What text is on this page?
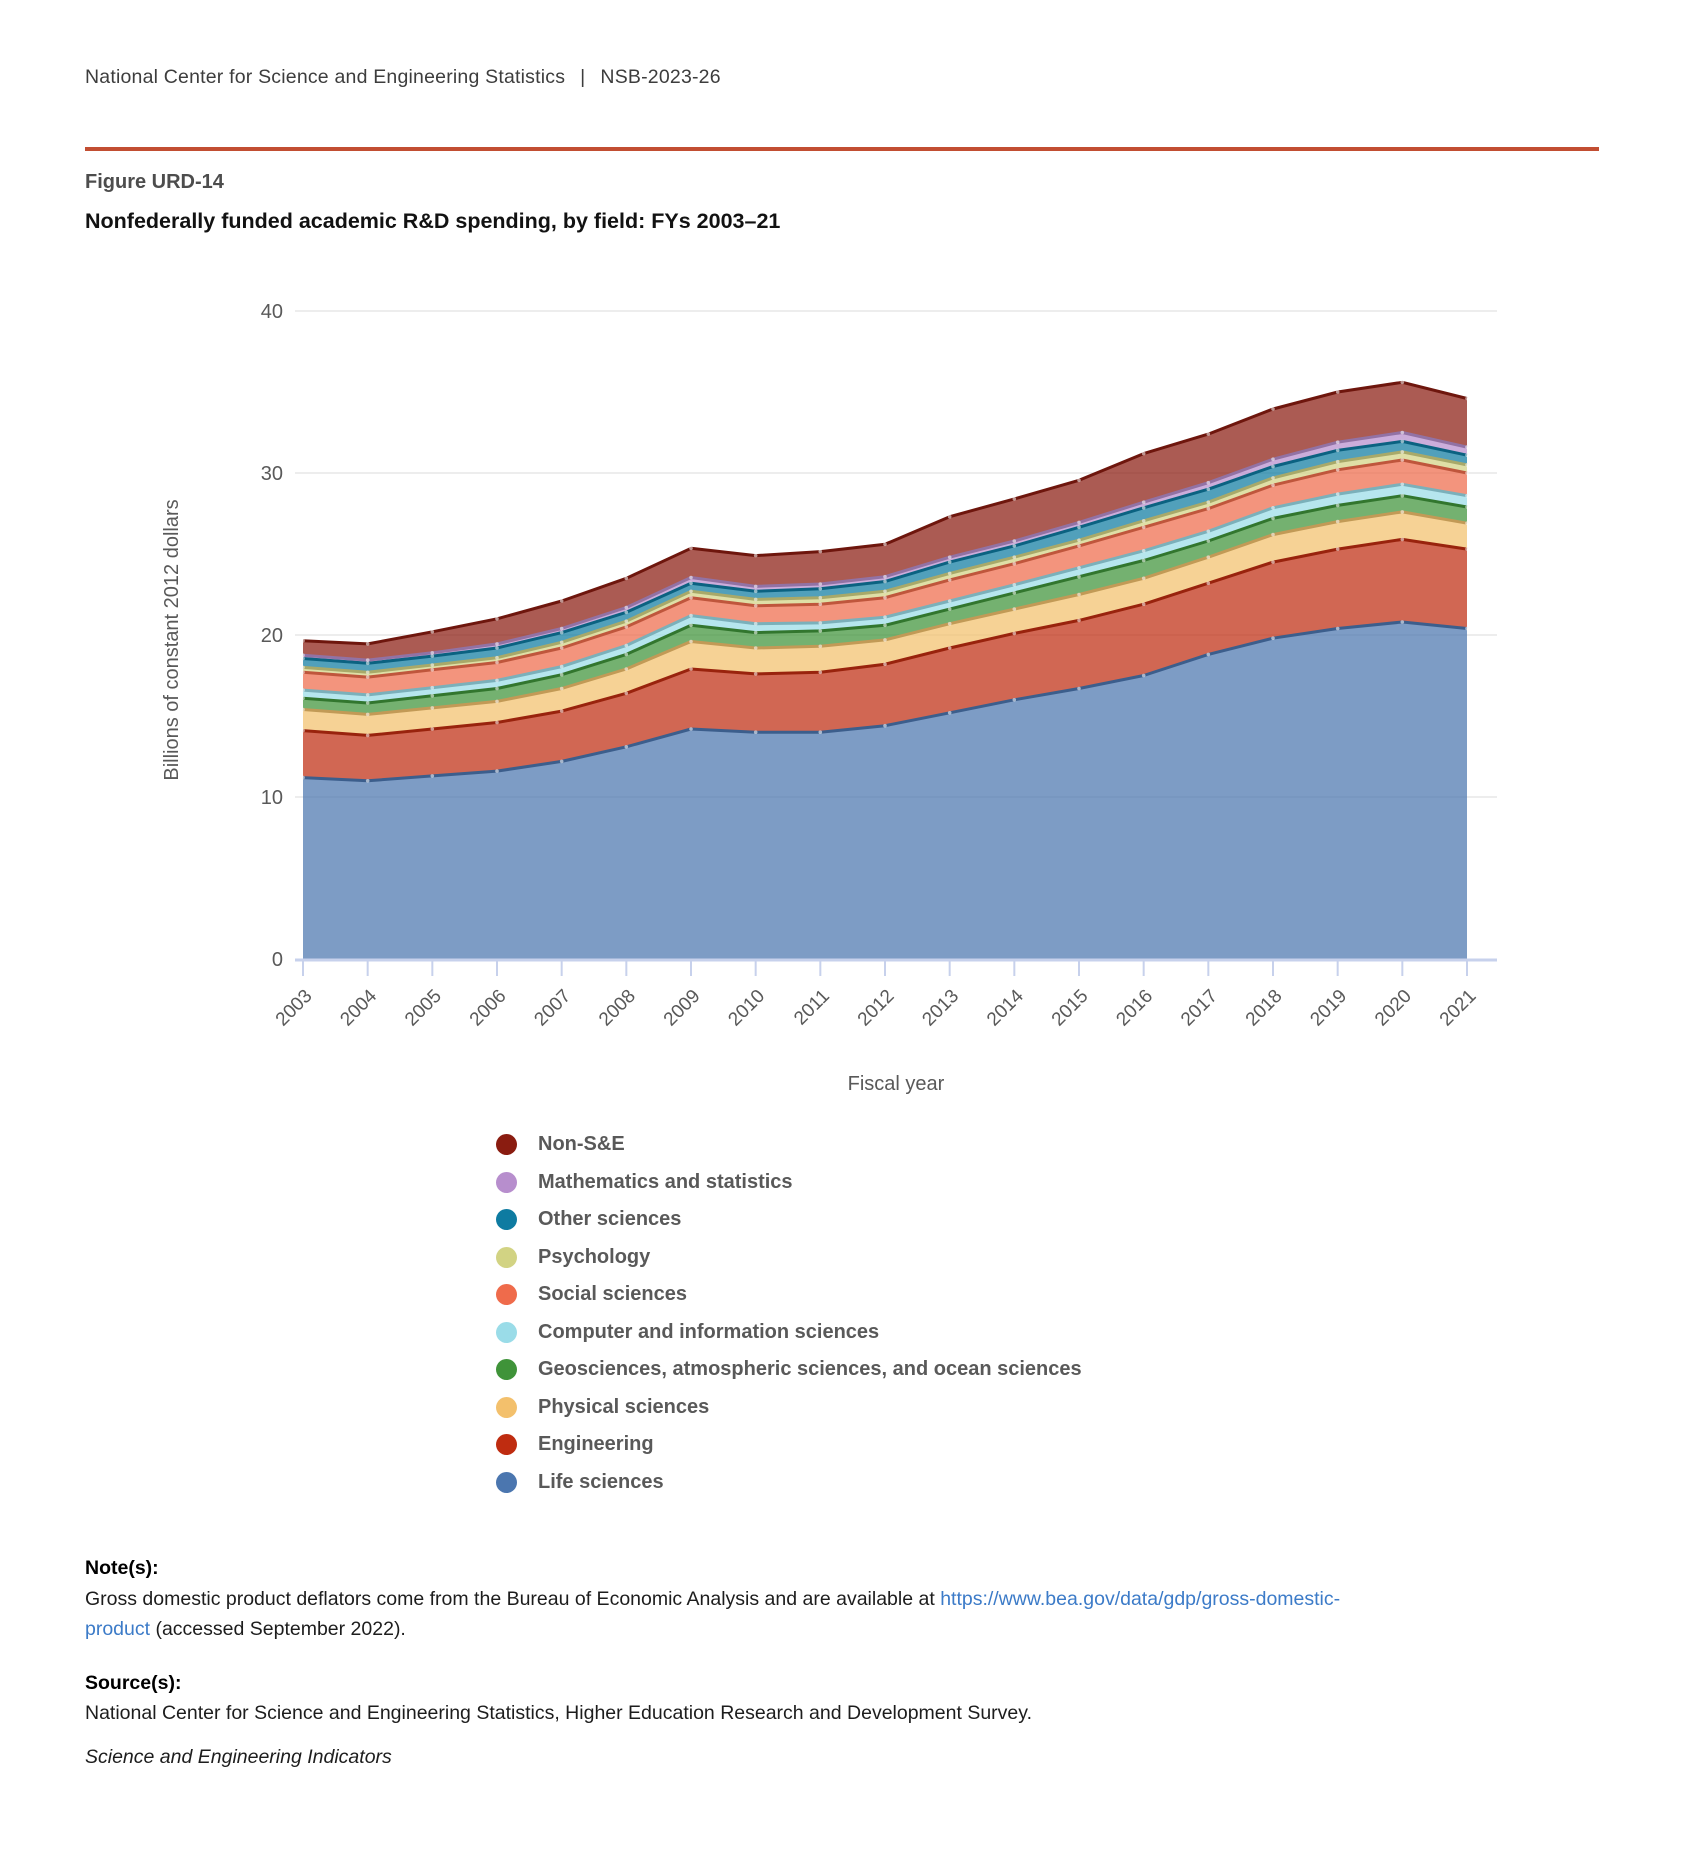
National Center for Science and Engineering Statistics | NSB-2023-26
Figure URD-14
Nonfederally funded academic R&D spending, by field: FYs 2003–21
0
10
20
30
40
2003 2004 2005 2006 2007 2008 2009 2010 2011 2012 2013 2014 2015 2016 2017 2018 2019 2020 2021
Fiscal year
Billions of constant 2012 dollars
Non-S&E
Mathematics and statistics
Other sciences
Psychology
Social sciences
Computer and information sciences
Geosciences, atmospheric sciences, and ocean sciences
Physical sciences
Engineering
Life sciences
Note(s):
Gross domestic product deflators come from the Bureau of Economic Analysis and are available at https://www.bea.gov/data/gdp/gross-domestic-
product (accessed September 2022).
Source(s):
National Center for Science and Engineering Statistics, Higher Education Research and Development Survey.
Science and Engineering Indicators
